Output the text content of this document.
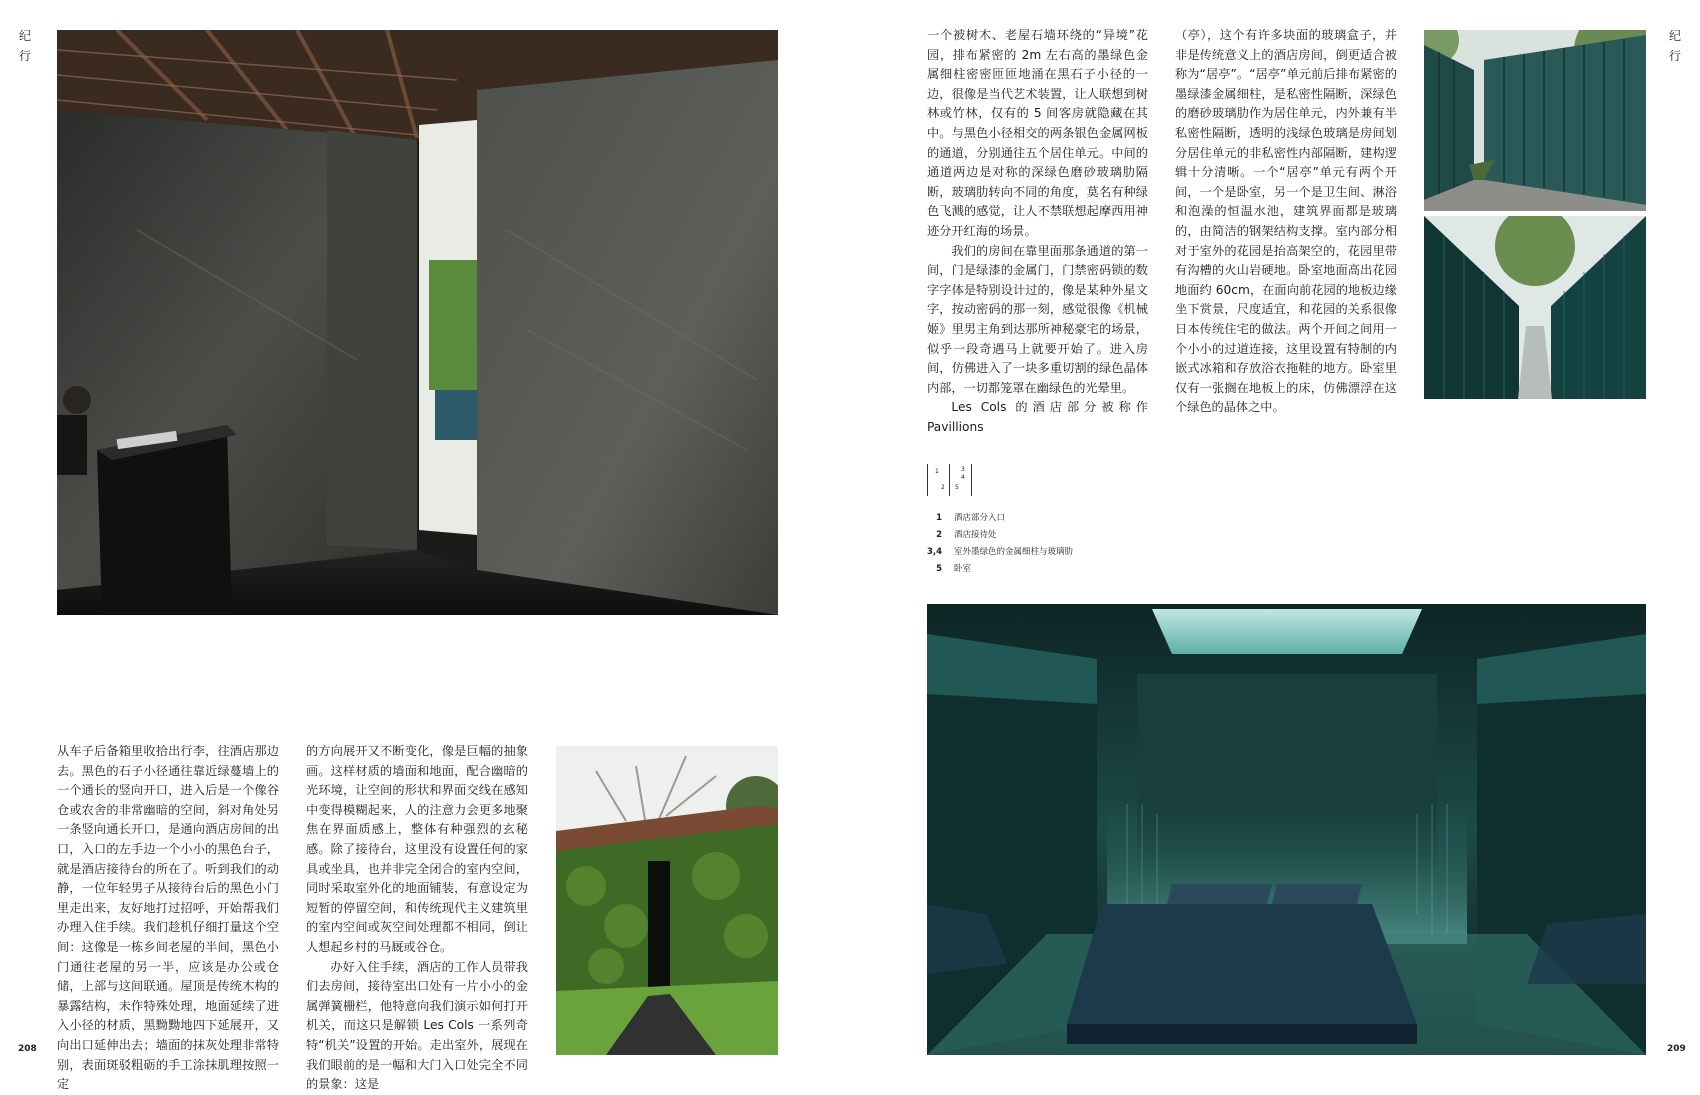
纪
行

从车子后备箱里收拾出行李，往酒店那边去。黑色的石子小径通往靠近绿蔓墙上的一个通长的竖向开口，进入后是一个像谷仓或农舍的非常幽暗的空间，斜对角处另一条竖向通长开口，是通向酒店房间的出口，入口的左手边一个小小的黑色台子，就是酒店接待台的所在了。听到我们的动静，一位年轻男子从接待台后的黑色小门里走出来，友好地打过招呼，开始帮我们办理入住手续。我们趁机仔细打量这个空间：这像是一栋乡间老屋的半间，黑色小门通往老屋的另一半，应该是办公或仓储，上部与这间联通。屋顶是传统木构的暴露结构，未作特殊处理，地面延续了进入小径的材质，黑黝黝地四下延展开，又向出口延伸出去；墙面的抹灰处理非常特别，表面斑驳粗砺的手工涂抹肌理按照一定

的方向展开又不断变化，像是巨幅的抽象画。这样材质的墙面和地面，配合幽暗的光环境，让空间的形状和界面交线在感知中变得模糊起来，人的注意力会更多地聚焦在界面质感上，整体有种强烈的玄秘感。除了接待台，这里没有设置任何的家具或坐具，也并非完全闭合的室内空间，同时采取室外化的地面铺装，有意设定为短暂的停留空间，和传统现代主义建筑里的室内空间或灰空间处理都不相同，倒让人想起乡村的马厩或谷仓。

办好入住手续，酒店的工作人员带我们去房间，接待室出口处有一片小小的金属弹簧栅栏，他特意向我们演示如何打开机关，而这只是解锁 Les Cols 一系列奇特“机关”设置的开始。走出室外，展现在我们眼前的是一幅和大门入口处完全不同的景象：这是

208

一个被树木、老屋石墙环绕的“异境”花园，排布紧密的 2m 左右高的墨绿色金属细柱密密匝匝地涌在黑石子小径的一边，很像是当代艺术装置，让人联想到树林或竹林，仅有的 5 间客房就隐藏在其中。与黑色小径相交的两条银色金属网板的通道，分别通往五个居住单元。中间的通道两边是对称的深绿色磨砂玻璃肋隔断，玻璃肋转向不同的角度，莫名有种绿色飞溅的感觉，让人不禁联想起摩西用神迹分开红海的场景。

我们的房间在靠里面那条通道的第一间，门是绿漆的金属门，门禁密码锁的数字字体是特别设计过的，像是某种外星文字，按动密码的那一刻，感觉很像《机械姬》里男主角到达那所神秘豪宅的场景，似乎一段奇遇马上就要开始了。进入房间，仿佛进入了一块多重切割的绿色晶体内部，一切都笼罩在幽绿色的光晕里。

Les Cols 的酒店部分被称作 Pavillions

（亭），这个有许多块面的玻璃盒子，并非是传统意义上的酒店房间，倒更适合被称为“居亭”。“居亭”单元前后排布紧密的墨绿漆金属细柱，是私密性隔断，深绿色的磨砂玻璃肋作为居住单元，内外兼有半私密性隔断，透明的浅绿色玻璃是房间划分居住单元的非私密性内部隔断，建构逻辑十分清晰。一个“居亭”单元有两个开间，一个是卧室，另一个是卫生间、淋浴和泡澡的恒温水池，建筑界面都是玻璃的，由简洁的钢架结构支撑。室内部分相对于室外的花园是抬高架空的，花园里带有沟槽的火山岩硬地。卧室地面高出花园地面约 60cm，在面向前花园的地板边缘坐下赏景，尺度适宜，和花园的关系很像日本传统住宅的做法。两个开间之间用一个小小的过道连接，这里设置有特制的内嵌式冰箱和存放浴衣拖鞋的地方。卧室里仅有一张搁在地板上的床，仿佛漂浮在这个绿色的晶体之中。

纪
行
1
2
3
4
5
1	酒店部分入口
2	酒店接待处
3,4	室外墨绿色的金属细柱与玻璃肋
5	卧室
209
